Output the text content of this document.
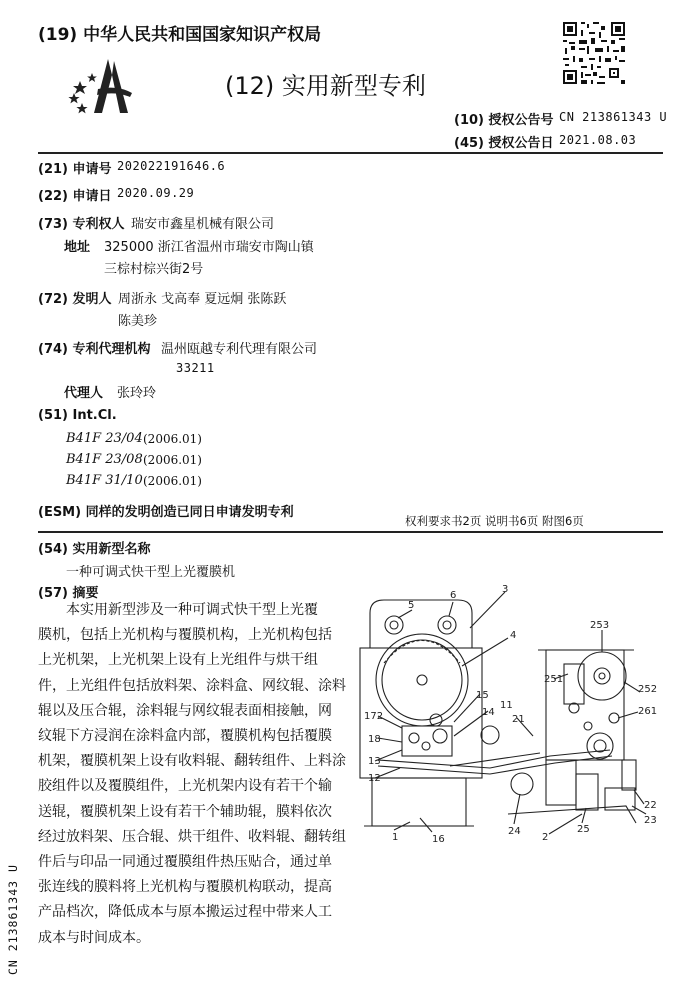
(19) 中华人民共和国国家知识产权局
(12) 实用新型专利
(10) 授权公告号 CN 213861343 U
(45) 授权公告日 2021.08.03
(21) 申请号 202022191646.6
(22) 申请日 2020.09.29
(73) 专利权人 瑞安市鑫星机械有限公司
地址 325000 浙江省温州市瑞安市陶山镇
三棕村棕兴街2号
(72) 发明人 周浙永 戈高奉 夏远炯 张陈跃
陈美珍
(74) 专利代理机构 温州瓯越专利代理有限公司
33211
代理人 张玲玲
(51) Int.Cl.
B41F 23/04 (2006.01)
B41F 23/08 (2006.01)
B41F 31/10 (2006.01)
(ESM) 同样的发明创造已同日申请发明专利
权利要求书2页 说明书6页 附图6页
(54) 实用新型名称
一种可调式快干型上光覆膜机
(57) 摘要
本实用新型涉及一种可调式快干型上光覆
膜机，包括上光机构与覆膜机构，上光机构包括
上光机架，上光机架上设有上光组件与烘干组
件，上光组件包括放料架、涂料盒、网纹辊、涂料
辊以及压合辊，涂料辊与网纹辊表面相接触，网
纹辊下方浸润在涂料盒内部，覆膜机构包括覆膜
机架，覆膜机架上设有收料辊、翻转组件、上料涂
胶组件以及覆膜组件，上光机架内设有若干个输
送辊，覆膜机架上设有若干个辅助辊，膜料依次
经过放料架、压合辊、烘干组件、收料辊、翻转组
件后与印品一同通过覆膜组件热压贴合，通过单
张连线的膜料将上光机构与覆膜机构联动，提高
产品档次，降低成本与原本搬运过程中带来人工
成本与时间成本。
5
6
3
4
253
251
252
261
15
11
21
14
172
18
13
12
1	16
24	25
22
23
2
CN 213861343 U
